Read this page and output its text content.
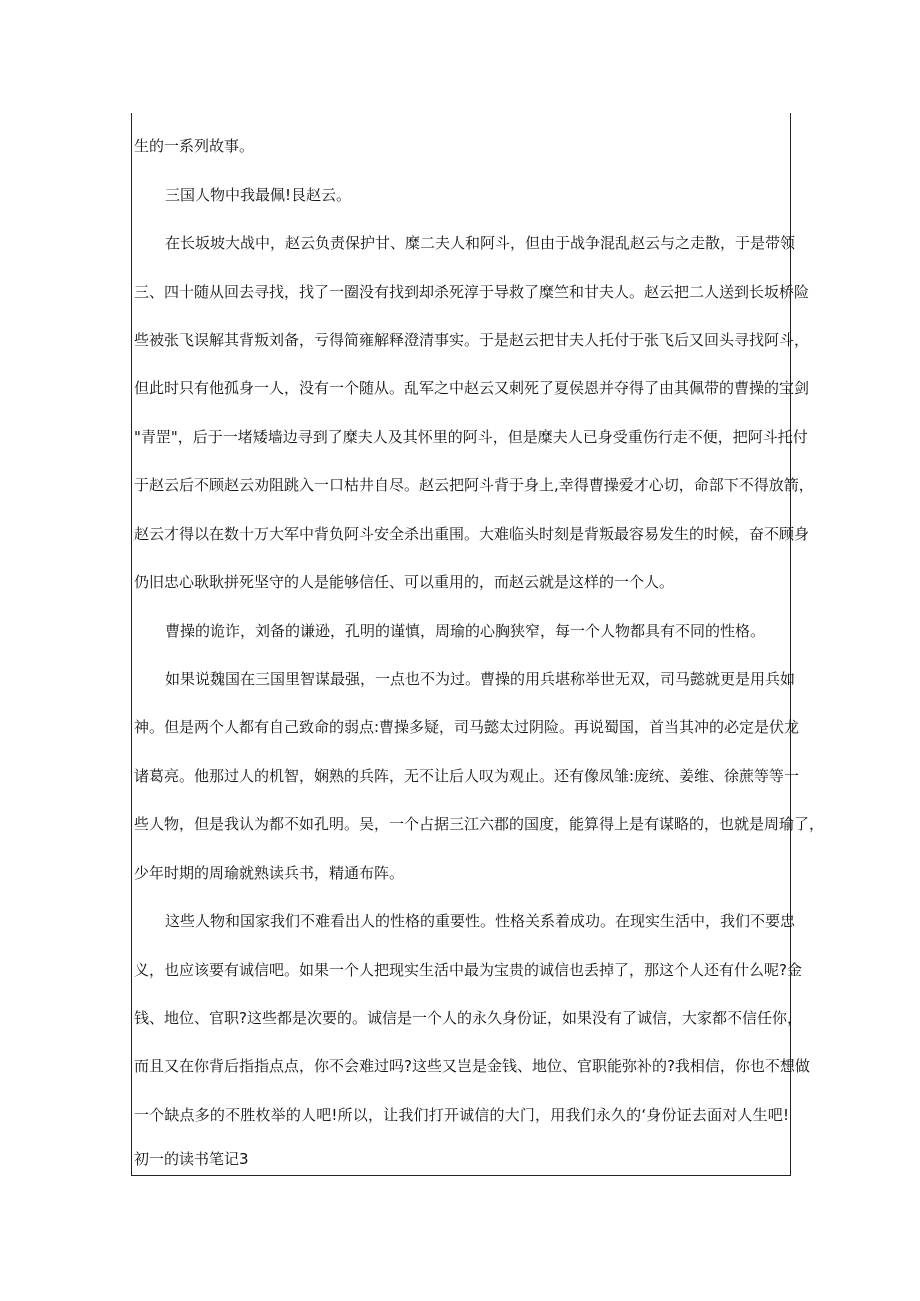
生的一系列故事。
三国人物中我最佩!艮赵云。
在长坂坡大战中，赵云负责保护甘、糜二夫人和阿斗，但由于战争混乱赵云与之走散，于是带领
三、四十随从回去寻找，找了一圈没有找到却杀死淳于导救了糜竺和甘夫人。赵云把二人送到长坂桥险
些被张飞误解其背叛刘备，亏得简雍解释澄清事实。于是赵云把甘夫人托付于张飞后又回头寻找阿斗，
但此时只有他孤身一人，没有一个随从。乱军之中赵云又刺死了夏侯恩并夺得了由其佩带的曹操的宝剑
"青罡"，后于一堵矮墙边寻到了糜夫人及其怀里的阿斗，但是糜夫人已身受重伤行走不便，把阿斗托付
于赵云后不顾赵云劝阻跳入一口枯井自尽。赵云把阿斗背于身上,幸得曹操爱才心切，命部下不得放箭，
赵云才得以在数十万大军中背负阿斗安全杀出重围。大难临头时刻是背叛最容易发生的时候，奋不顾身
仍旧忠心耿耿拼死坚守的人是能够信任、可以重用的，而赵云就是这样的一个人。
曹操的诡诈，刘备的谦逊，孔明的谨慎，周瑜的心胸狭窄，每一个人物都具有不同的性格。
如果说魏国在三国里智谋最强，一点也不为过。曹操的用兵堪称举世无双，司马懿就更是用兵如
神。但是两个人都有自己致命的弱点:曹操多疑，司马懿太过阴险。再说蜀国，首当其冲的必定是伏龙
诸葛亮。他那过人的机智，娴熟的兵阵，无不让后人叹为观止。还有像凤雏:庞统、姜维、徐蔗等等一
些人物，但是我认为都不如孔明。吴，一个占据三江六郡的国度，能算得上是有谋略的，也就是周瑜了，
少年时期的周瑜就熟读兵书，精通布阵。
这些人物和国家我们不难看出人的性格的重要性。性格关系着成功。在现实生活中，我们不要忠
义，也应该要有诚信吧。如果一个人把现实生活中最为宝贵的诚信也丢掉了，那这个人还有什么呢?金
钱、地位、官职?这些都是次要的。诚信是一个人的永久身份证，如果没有了诚信，大家都不信任你，
而且又在你背后指指点点，你不会难过吗?这些又岂是金钱、地位、官职能弥补的?我相信，你也不想做
一个缺点多的不胜枚举的人吧!所以，让我们打开诚信的大门，用我们永久的‘身份证去面对人生吧!
初一的读书笔记3
